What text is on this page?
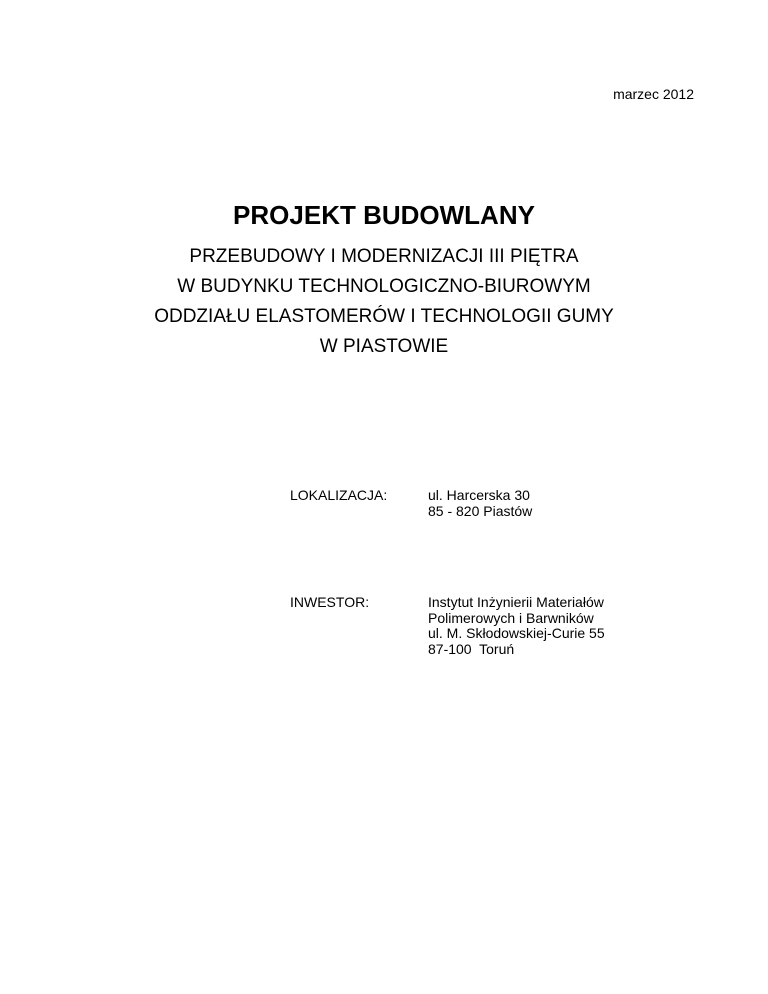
marzec 2012
PROJEKT BUDOWLANY
PRZEBUDOWY I MODERNIZACJI III PIĘTRA
W BUDYNKU TECHNOLOGICZNO-BIUROWYM
ODDZIAŁU ELASTOMERÓW I TECHNOLOGII GUMY
W PIASTOWIE
LOKALIZACJA:	ul. Harcerska 30
85 - 820 Piastów
INWESTOR:	Instytut Inżynierii Materiałów
Polimerowych i Barwników
ul. M. Skłodowskiej-Curie 55
87-100  Toruń
